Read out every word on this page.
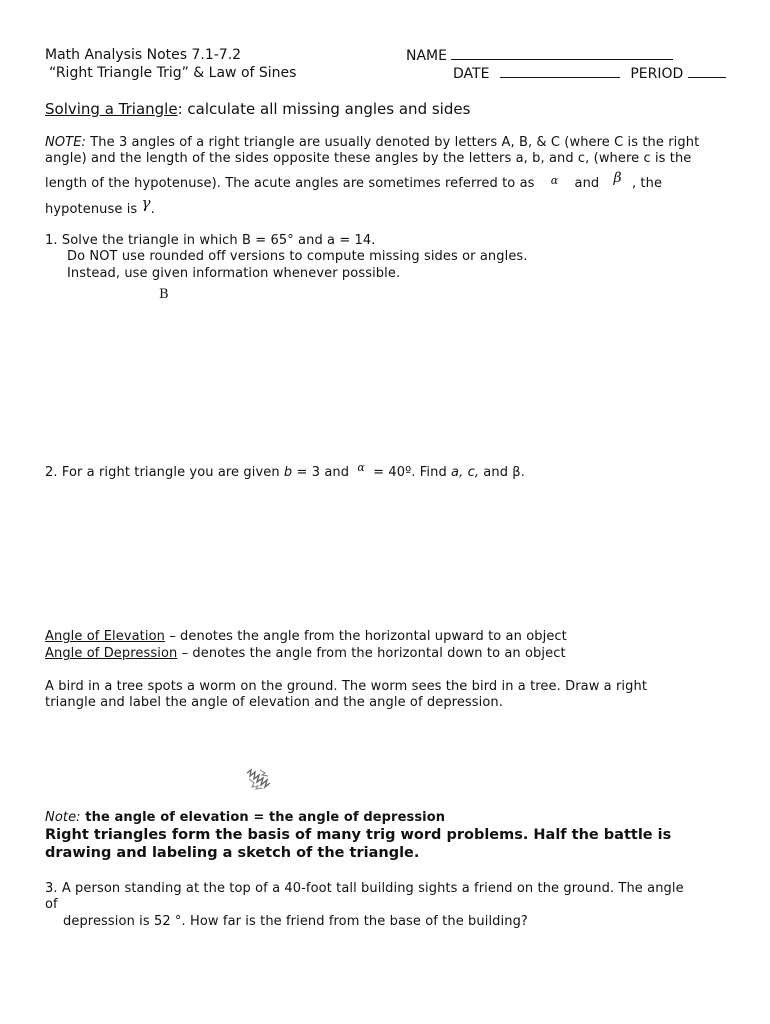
Math Analysis Notes 7.1-7.2
“Right Triangle Trig” & Law of Sines
NAME
DATE	PERIOD
Solving a Triangle: calculate all missing angles and sides
NOTE: The 3 angles of a right triangle are usually denoted by letters A, B, & C (where C is the right
angle) and the length of the sides opposite these angles by the letters a, b, and c, (where c is the
length of the hypotenuse). The acute angles are sometimes referred to as $^\alpha$ and β , the
hypotenuse is γ.
1. Solve the triangle in which B = 65° and a = 14.
Do NOT use rounded off versions to compute missing sides or angles.
Instead, use given information whenever possible.
B
2. For a right triangle you are given b = 3 and $^\alpha$ = 40º. Find a, c, and β.
Angle of Elevation – denotes the angle from the horizontal upward to an object
Angle of Depression – denotes the angle from the horizontal down to an object
A bird in a tree spots a worm on the ground. The worm sees the bird in a tree. Draw a right
triangle and label the angle of elevation and the angle of depression.
Note: the angle of elevation = the angle of depression
Right triangles form the basis of many trig word problems. Half the battle is
drawing and labeling a sketch of the triangle.
3. A person standing at the top of a 40-foot tall building sights a friend on the ground. The angle
of
depression is 52 °. How far is the friend from the base of the building?
